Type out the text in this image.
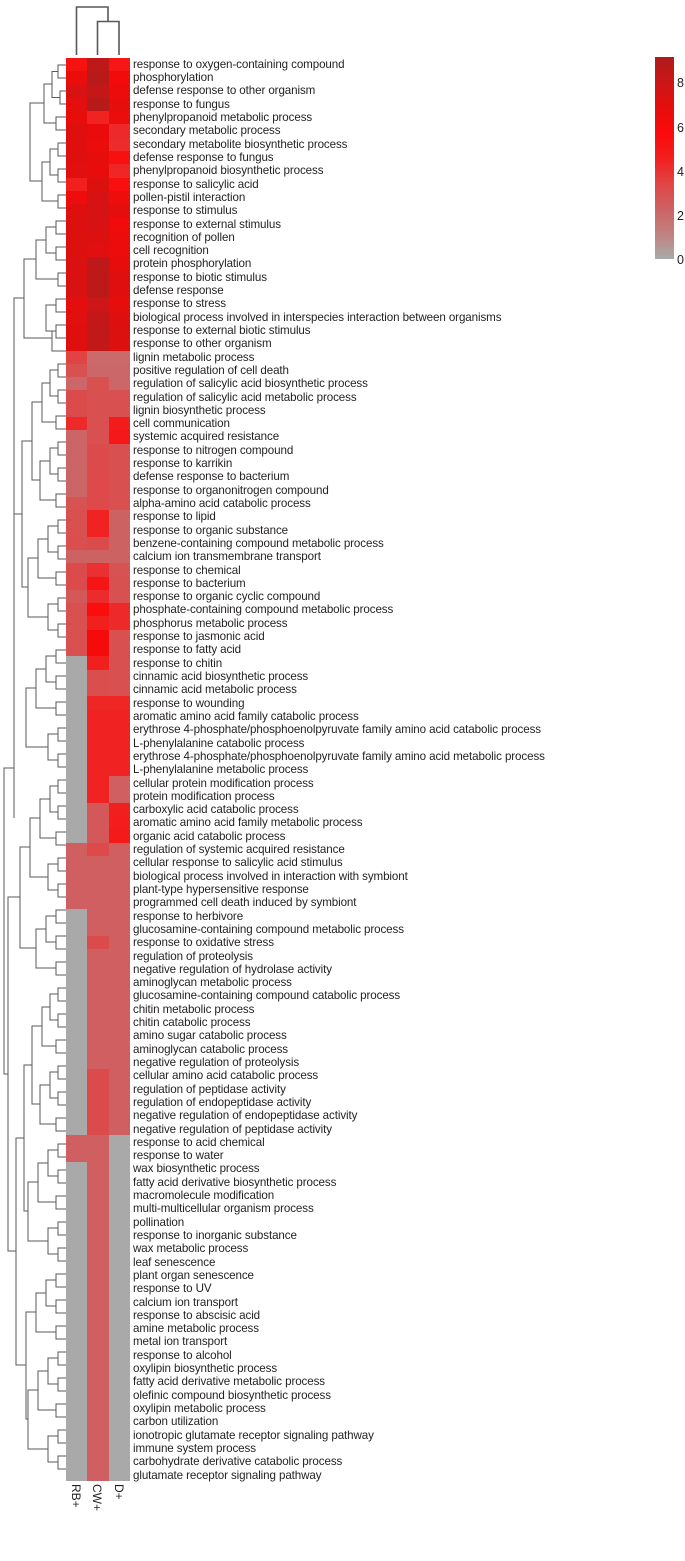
response to oxygen-containing compound
phosphorylation
defense response to other organism
response to fungus
phenylpropanoid metabolic process
secondary metabolic process
secondary metabolite biosynthetic process
defense response to fungus
phenylpropanoid biosynthetic process
response to salicylic acid
pollen-pistil interaction
response to stimulus
response to external stimulus
recognition of pollen
cell recognition
protein phosphorylation
response to biotic stimulus
defense response
response to stress
biological process involved in interspecies interaction between organisms
response to external biotic stimulus
response to other organism
lignin metabolic process
positive regulation of cell death
regulation of salicylic acid biosynthetic process
regulation of salicylic acid metabolic process
lignin biosynthetic process
cell communication
systemic acquired resistance
response to nitrogen compound
response to karrikin
defense response to bacterium
response to organonitrogen compound
alpha-amino acid catabolic process
response to lipid
response to organic substance
benzene-containing compound metabolic process
calcium ion transmembrane transport
response to chemical
response to bacterium
response to organic cyclic compound
phosphate-containing compound metabolic process
phosphorus metabolic process
response to jasmonic acid
response to fatty acid
response to chitin
cinnamic acid biosynthetic process
cinnamic acid metabolic process
response to wounding
aromatic amino acid family catabolic process
erythrose 4-phosphate/phosphoenolpyruvate family amino acid catabolic process
L-phenylalanine catabolic process
erythrose 4-phosphate/phosphoenolpyruvate family amino acid metabolic process
L-phenylalanine metabolic process
cellular protein modification process
protein modification process
carboxylic acid catabolic process
aromatic amino acid family metabolic process
organic acid catabolic process
regulation of systemic acquired resistance
cellular response to salicylic acid stimulus
biological process involved in interaction with symbiont
plant-type hypersensitive response
programmed cell death induced by symbiont
response to herbivore
glucosamine-containing compound metabolic process
response to oxidative stress
regulation of proteolysis
negative regulation of hydrolase activity
aminoglycan metabolic process
glucosamine-containing compound catabolic process
chitin metabolic process
chitin catabolic process
amino sugar catabolic process
aminoglycan catabolic process
negative regulation of proteolysis
cellular amino acid catabolic process
regulation of peptidase activity
regulation of endopeptidase activity
negative regulation of endopeptidase activity
negative regulation of peptidase activity
response to acid chemical
response to water
wax biosynthetic process
fatty acid derivative biosynthetic process
macromolecule modification
multi-multicellular organism process
pollination
response to inorganic substance
wax metabolic process
leaf senescence
plant organ senescence
response to UV
calcium ion transport
response to abscisic acid
amine metabolic process
metal ion transport
response to alcohol
oxylipin biosynthetic process
fatty acid derivative metabolic process
olefinic compound biosynthetic process
oxylipin metabolic process
carbon utilization
ionotropic glutamate receptor signaling pathway
immune system process
carbohydrate derivative catabolic process
glutamate receptor signaling pathway
RB+ CW+ D+
8
6
4
2
0
